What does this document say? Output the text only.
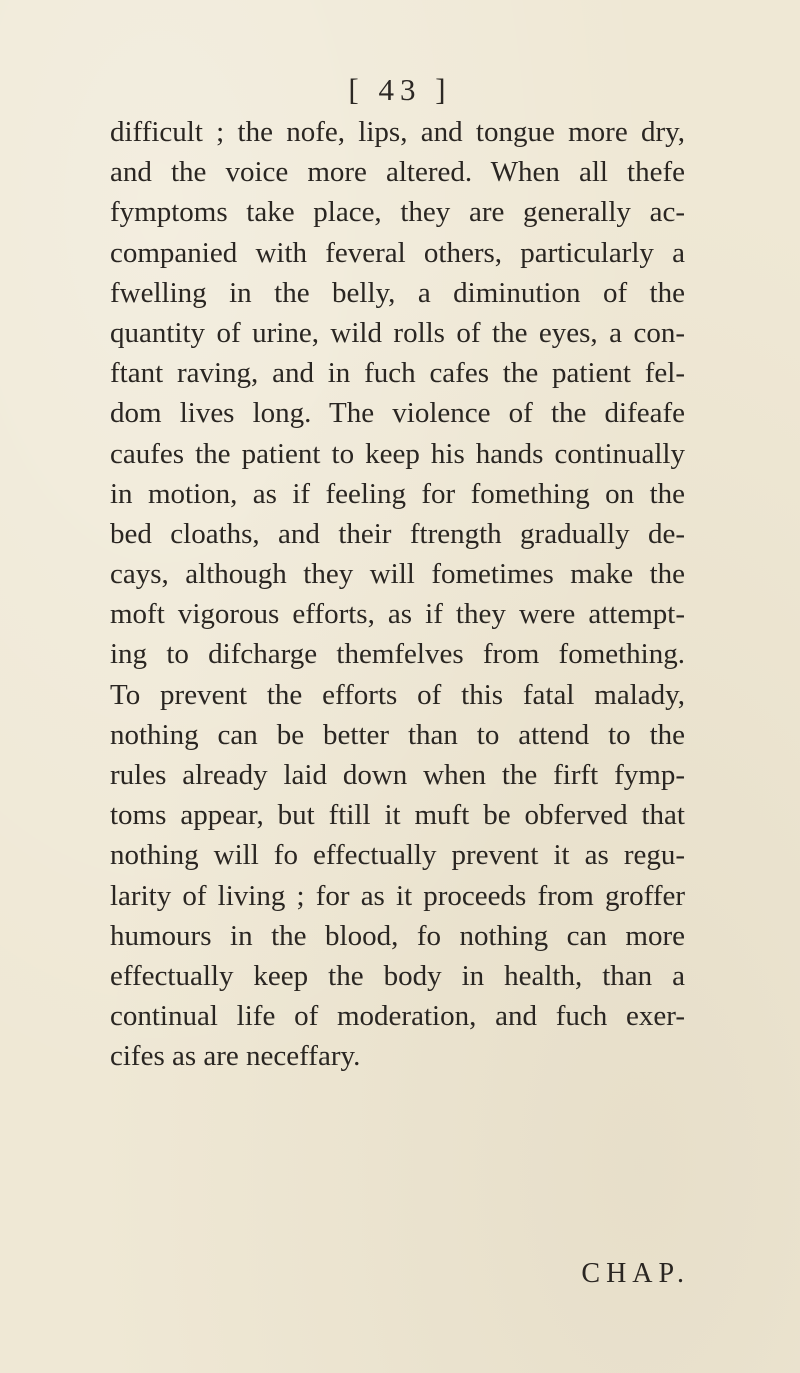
[ 43 ]
difficult ; the nofe, lips, and tongue more dry,
and the voice more altered. When all thefe
fymptoms take place, they are generally ac-
companied with feveral others, particularly a
fwelling in the belly, a diminution of the
quantity of urine, wild rolls of the eyes, a con-
ftant raving, and in fuch cafes the patient fel-
dom lives long. The violence of the difeafe
caufes the patient to keep his hands continually
in motion, as if feeling for fomething on the
bed cloaths, and their ftrength gradually de-
cays, although they will fometimes make the
moft vigorous efforts, as if they were attempt-
ing to difcharge themfelves from fomething.
To prevent the efforts of this fatal malady,
nothing can be better than to attend to the
rules already laid down when the firft fymp-
toms appear, but ftill it muft be obferved that
nothing will fo effectually prevent it as regu-
larity of living ; for as it proceeds from groffer
humours in the blood, fo nothing can more
effectually keep the body in health, than a
continual life of moderation, and fuch exer-
cifes as are neceffary.
CHAP.
